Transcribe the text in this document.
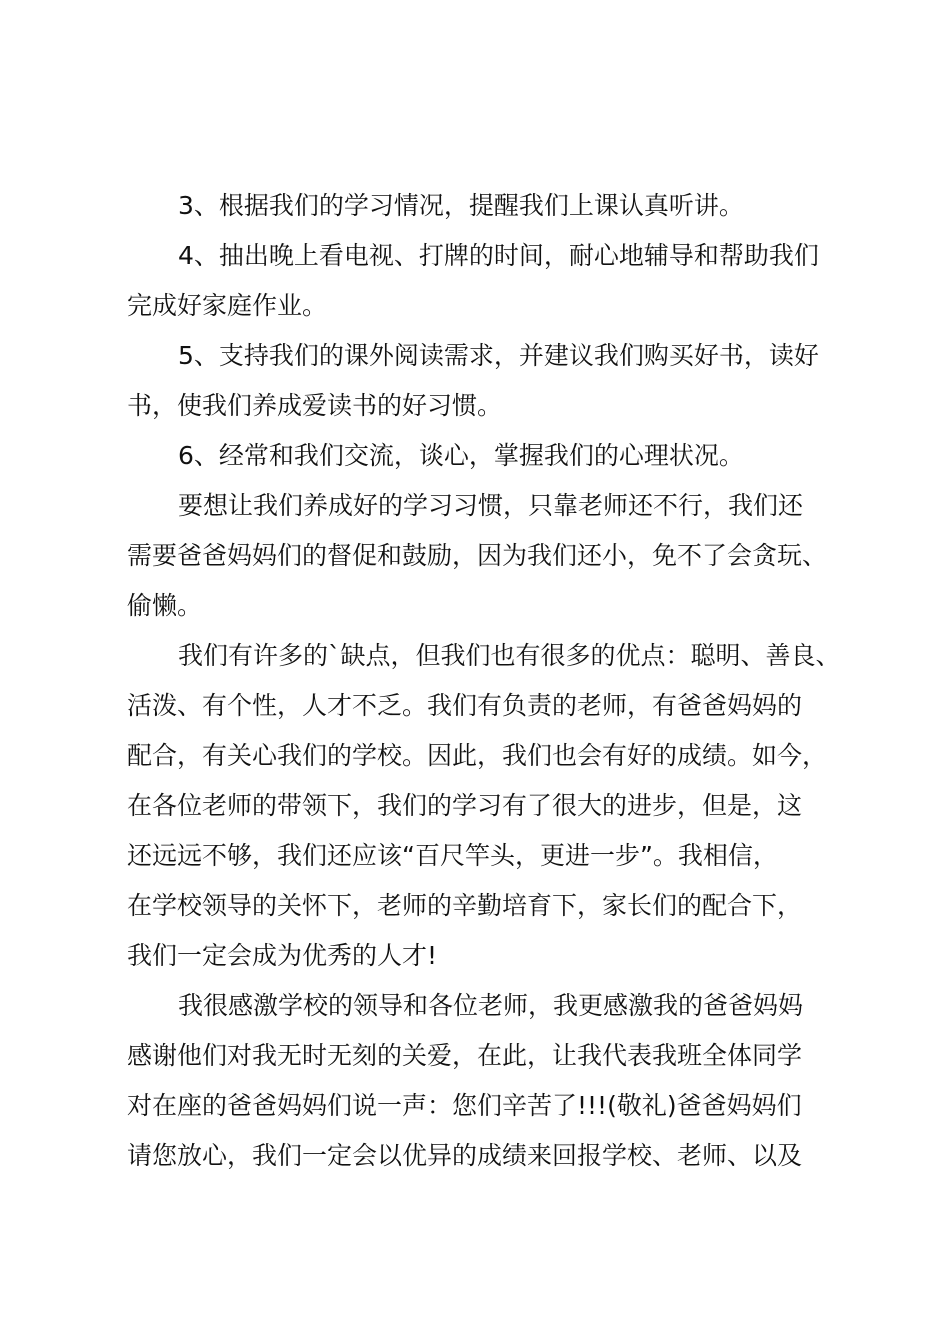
3、根据我们的学习情况，提醒我们上课认真听讲。
4、抽出晚上看电视、打牌的时间，耐心地辅导和帮助我们
完成好家庭作业。
5、支持我们的课外阅读需求，并建议我们购买好书，读好
书，使我们养成爱读书的好习惯。
6、经常和我们交流，谈心，掌握我们的心理状况。
要想让我们养成好的学习习惯，只靠老师还不行，我们还
需要爸爸妈妈们的督促和鼓励，因为我们还小，免不了会贪玩、
偷懒。
我们有许多的`缺点，但我们也有很多的优点：聪明、善良、
活泼、有个性，人才不乏。我们有负责的老师，有爸爸妈妈的
配合，有关心我们的学校。因此，我们也会有好的成绩。如今，
在各位老师的带领下，我们的学习有了很大的进步，但是，这
还远远不够，我们还应该“百尺竿头，更进一步”。我相信，
在学校领导的关怀下，老师的辛勤培育下，家长们的配合下，
我们一定会成为优秀的人才!
我很感激学校的领导和各位老师，我更感激我的爸爸妈妈
感谢他们对我无时无刻的关爱，在此，让我代表我班全体同学
对在座的爸爸妈妈们说一声：您们辛苦了!!!(敬礼)爸爸妈妈们
请您放心，我们一定会以优异的成绩来回报学校、老师、以及
